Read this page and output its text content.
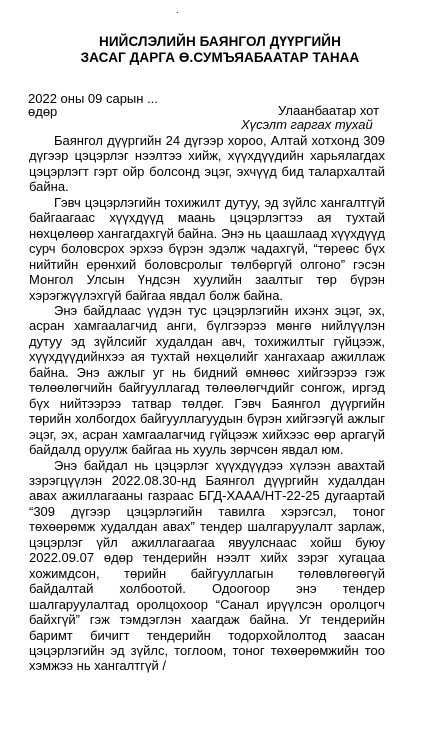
.
НИЙСЛЭЛИЙН БАЯНГОЛ ДҮҮРГИЙН
ЗАСАГ ДАРГА Ө.СУМЪЯАБААТАР ТАНАА
2022 оны 09 сарын ...
өдөр	Улаанбаатар хот
Хүсэлт гаргах тухай

Баянгол дүүргийн 24 дүгээр хороо, Алтай хотхонд 309 дүгээр цэцэрлэг нээлтээ хийж, хүүхдүүдийн харьялагдах цэцэрлэгт гэрт ойр болсонд эцэг, эхчүүд бид талархалтай байна.

Гэвч цэцэрлэгийн тохижилт дутуу, эд зүйлс хангалтгүй байгаагаас хүүхдүүд маань цэцэрлэгтээ ая тухтай нөхцөлөөр хангагдахгүй байна. Энэ нь цаашлаад хүүхдүүд сурч боловсрох эрхээ бүрэн эдэлж чадахгүй, “төреөс бүх нийтийн ерөнхий боловсролыг төлбөргүй олгоно” гэсэн Монгол Улсын Үндсэн хуулийн заалтыг төр бүрэн хэрэгжүүлэхгүй байгаа явдал болж байна.

Энэ байдлаас үүдэн тус цэцэрлэгийн ихэнх эцэг, эх, асран хамгаалагчид анги, бүлгээрээ мөнгө нийлүүлэн дутуу эд зүйлсийг худалдан авч, тохижилтыг гүйцээж, хүүхдүүдийнхээ ая тухтай нөхцөлийг хангахаар ажиллаж байна. Энэ ажлыг уг нь бидний өмнөөс хийгээрээ гэж төлөөлөгчийн байгууллагад төлөөлөгчдийг сонгож, иргэд бүх нийтээрээ татвар төлдөг. Гэвч Баянгол дүүргийн төрийн холбогдох байгууллагуудын бүрэн хийгээгүй ажлыг эцэг, эх, асран хамгаалагчид гүйцээж хийхээс өөр аргагүй байдалд оруулж байгаа нь хууль зөрчсөн явдал юм.

Энэ байдал нь цэцэрлэг хүүхдүүдээ хүлээн авахтай зэрэгцүүлэн 2022.08.30-нд Баянгол дүүргийн худалдан авах ажиллагааны газраас БГД-ХААА/НТ-22-25 дугаартай “309 дүгээр цэцэрлэгийн тавилга хэрэгсэл, тоног төхөөрөмж худалдан авах” тендер шалгаруулалт зарлаж, цэцэрлэг үйл ажиллагаагаа явуулснаас хойш буюу 2022.09.07 өдөр тендерийн нээлт хийх зэрэг хугацаа хожимдсон, төрийн байгууллагын төлөвлөгөөгүй байдалтай холбоотой. Одоогоор энэ тендер шалгаруулалтад оролцохоор “Санал ирүүлсэн оролцогч байхгүй” гэж тэмдэглэн хаагдаж байна. Уг тендерийн баримт бичигт тендерийн тодорхойлолтод заасан цэцэрлэгийн эд зүйлс, тоглоом, тоног төхөөрөмжийн тоо хэмжээ нь хангалтгүй /
